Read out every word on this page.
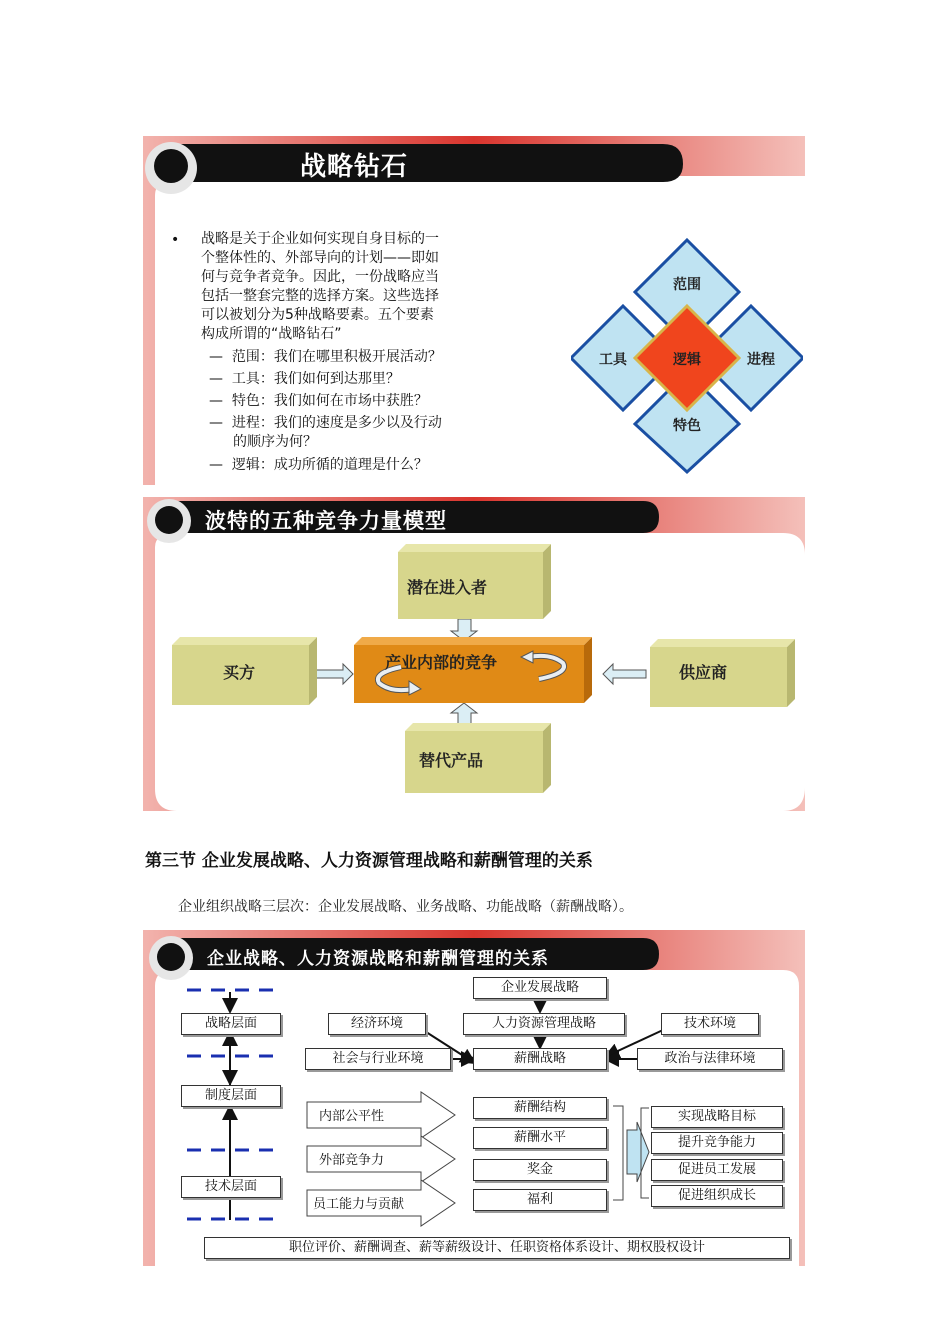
战略钻石
• 战略是关于企业如何实现自身目标的一
个整体性的、外部导向的计划——即如
何与竞争者竞争。因此，一份战略应当
包括一整套完整的选择方案。这些选择
可以被划分为5种战略要素。五个要素
构成所谓的“战略钻石”
—  范围：我们在哪里积极开展活动？
—  工具：我们如何到达那里？
—  特色：我们如何在市场中获胜？
—  进程：我们的速度是多少以及行动
的顺序为何？
—  逻辑：成功所循的道理是什么？
范围
工具	逻辑	进程
特色
波特的五种竞争力量模型
潜在进入者
买方
产业内部的竞争
供应商
替代产品
第三节 企业发展战略、人力资源管理战略和薪酬管理的关系
企业组织战略三层次：企业发展战略、业务战略、功能战略（薪酬战略）。
企业战略、人力资源战略和薪酬管理的关系
战略层面
制度层面
技术层面
企业发展战略
人力资源管理战略
薪酬战略
经济环境
社会与行业环境
技术环境
政治与法律环境
内部公平性
外部竞争力
员工能力与贡献
薪酬结构
薪酬水平
奖金
福利
实现战略目标
提升竞争能力
促进员工发展
促进组织成长
职位评价、薪酬调查、薪等薪级设计、任职资格体系设计、期权股权设计
